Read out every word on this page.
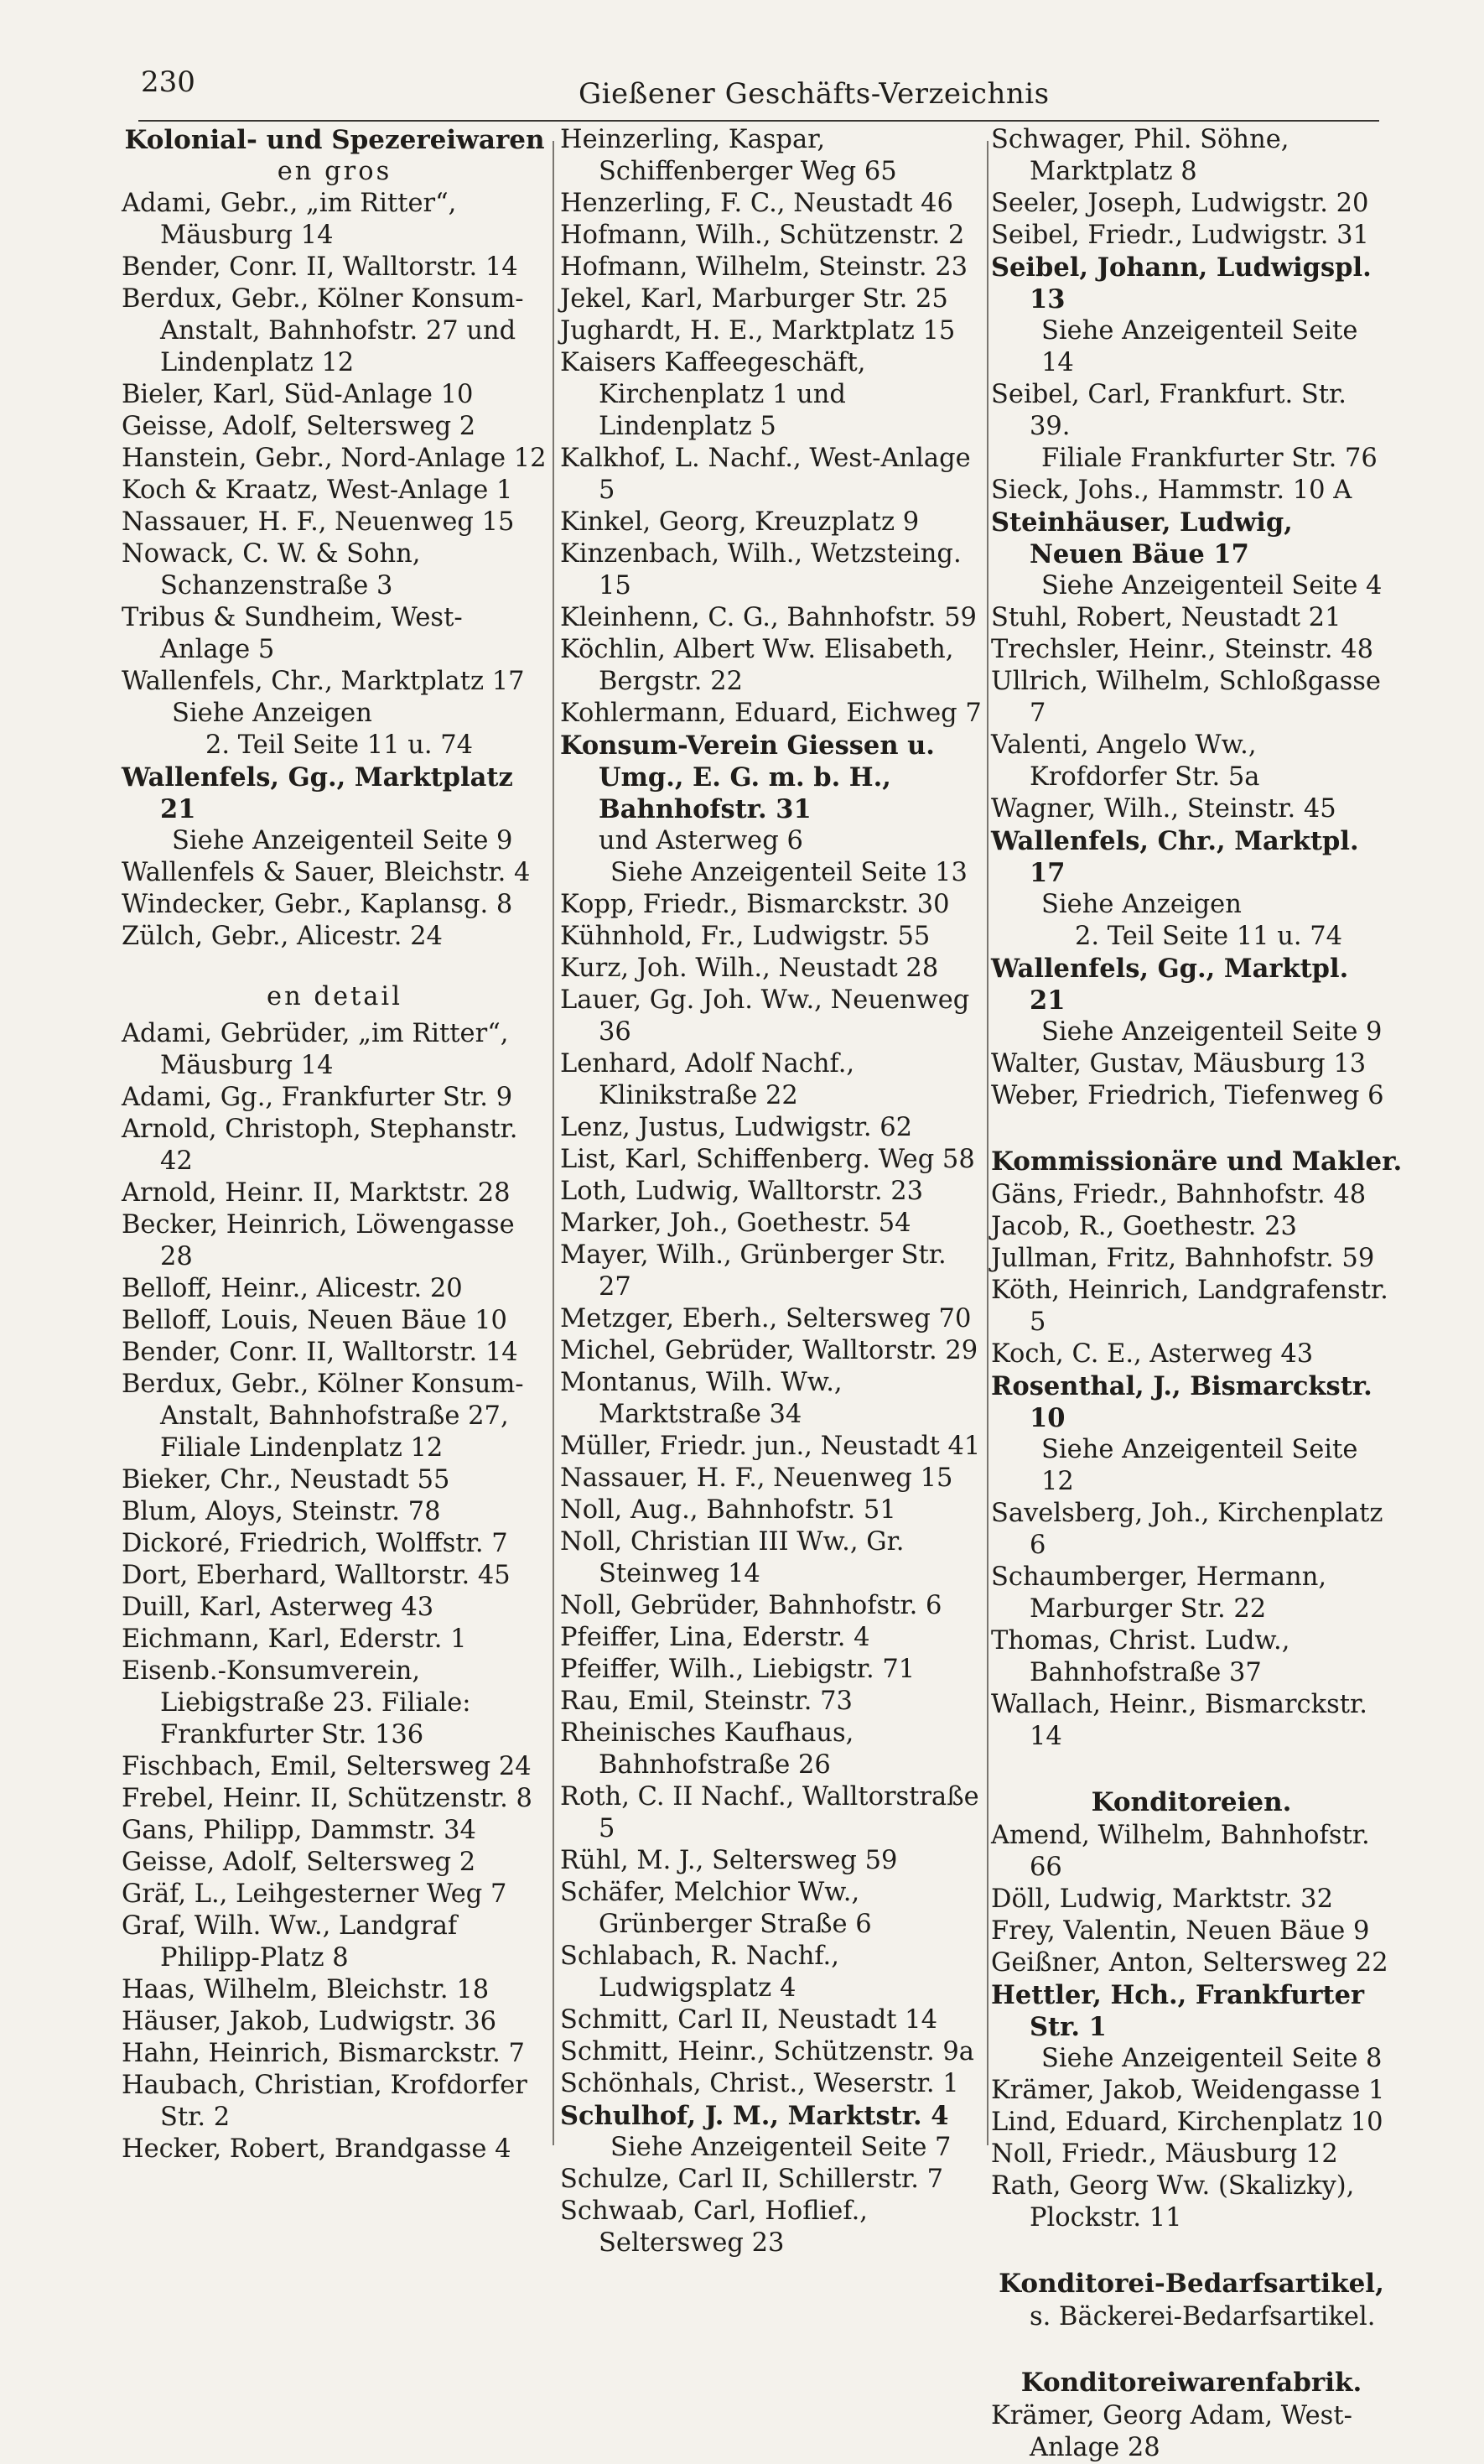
230	Gießener Geschäfts-Verzeichnis

Kolonial- und Spezereiwaren

en gros

Adami, Gebr., „im Ritter“, Mäusburg 14

Bender, Conr. II, Walltorstr. 14

Berdux, Gebr., Kölner Konsum-Anstalt, Bahnhofstr. 27 und Lindenplatz 12

Bieler, Karl, Süd-Anlage 10

Geisse, Adolf, Seltersweg 2

Hanstein, Gebr., Nord-Anlage 12

Koch & Kraatz, West-Anlage 1

Nassauer, H. F., Neuenweg 15

Nowack, C. W. & Sohn, Schanzenstraße 3

Tribus & Sundheim, West-Anlage 5

Wallenfels, Chr., Marktplatz 17

Siehe Anzeigen

2. Teil Seite 11 u. 74

Wallenfels, Gg., Marktplatz 21

Siehe Anzeigenteil Seite 9

Wallenfels & Sauer, Bleichstr. 4

Windecker, Gebr., Kaplansg. 8

Zülch, Gebr., Alicestr. 24

en detail

Adami, Gebrüder, „im Ritter“, Mäusburg 14

Adami, Gg., Frankfurter Str. 9

Arnold, Christoph, Stephanstr. 42

Arnold, Heinr. II, Marktstr. 28

Becker, Heinrich, Löwengasse 28

Belloff, Heinr., Alicestr. 20

Belloff, Louis, Neuen Bäue 10

Bender, Conr. II, Walltorstr. 14

Berdux, Gebr., Kölner Konsum-Anstalt, Bahnhofstraße 27, Filiale Lindenplatz 12

Bieker, Chr., Neustadt 55

Blum, Aloys, Steinstr. 78

Dickoré, Friedrich, Wolffstr. 7

Dort, Eberhard, Walltorstr. 45

Duill, Karl, Asterweg 43

Eichmann, Karl, Ederstr. 1

Eisenb.-Konsumverein, Liebigstraße 23. Filiale: Frankfurter Str. 136

Fischbach, Emil, Seltersweg 24

Frebel, Heinr. II, Schützenstr. 8

Gans, Philipp, Dammstr. 34

Geisse, Adolf, Seltersweg 2

Gräf, L., Leihgesterner Weg 7

Graf, Wilh. Ww., Landgraf Philipp-Platz 8

Haas, Wilhelm, Bleichstr. 18

Häuser, Jakob, Ludwigstr. 36

Hahn, Heinrich, Bismarckstr. 7

Haubach, Christian, Krofdorfer Str. 2

Hecker, Robert, Brandgasse 4

Heinzerling, Kaspar, Schiffenberger Weg 65

Henzerling, F. C., Neustadt 46

Hofmann, Wilh., Schützenstr. 2

Hofmann, Wilhelm, Steinstr. 23

Jekel, Karl, Marburger Str. 25

Jughardt, H. E., Marktplatz 15

Kaisers Kaffeegeschäft, Kirchenplatz 1 und Lindenplatz 5

Kalkhof, L. Nachf., West-Anlage 5

Kinkel, Georg, Kreuzplatz 9

Kinzenbach, Wilh., Wetzsteing. 15

Kleinhenn, C. G., Bahnhofstr. 59

Köchlin, Albert Ww. Elisabeth, Bergstr. 22

Kohlermann, Eduard, Eichweg 7

Konsum-Verein Giessen u. Umg., E. G. m. b. H., Bahnhofstr. 31

und Asterweg 6

Siehe Anzeigenteil Seite 13

Kopp, Friedr., Bismarckstr. 30

Kühnhold, Fr., Ludwigstr. 55

Kurz, Joh. Wilh., Neustadt 28

Lauer, Gg. Joh. Ww., Neuenweg 36

Lenhard, Adolf Nachf., Klinikstraße 22

Lenz, Justus, Ludwigstr. 62

List, Karl, Schiffenberg. Weg 58

Loth, Ludwig, Walltorstr. 23

Marker, Joh., Goethestr. 54

Mayer, Wilh., Grünberger Str. 27

Metzger, Eberh., Seltersweg 70

Michel, Gebrüder, Walltorstr. 29

Montanus, Wilh. Ww., Marktstraße 34

Müller, Friedr. jun., Neustadt 41

Nassauer, H. F., Neuenweg 15

Noll, Aug., Bahnhofstr. 51

Noll, Christian III Ww., Gr. Steinweg 14

Noll, Gebrüder, Bahnhofstr. 6

Pfeiffer, Lina, Ederstr. 4

Pfeiffer, Wilh., Liebigstr. 71

Rau, Emil, Steinstr. 73

Rheinisches Kaufhaus, Bahnhofstraße 26

Roth, C. II Nachf., Walltorstraße 5

Rühl, M. J., Seltersweg 59

Schäfer, Melchior Ww., Grünberger Straße 6

Schlabach, R. Nachf., Ludwigsplatz 4

Schmitt, Carl II, Neustadt 14

Schmitt, Heinr., Schützenstr. 9a

Schönhals, Christ., Weserstr. 1

Schulhof, J. M., Marktstr. 4

Siehe Anzeigenteil Seite 7

Schulze, Carl II, Schillerstr. 7

Schwaab, Carl, Hoflief., Seltersweg 23

Schwager, Phil. Söhne, Marktplatz 8

Seeler, Joseph, Ludwigstr. 20

Seibel, Friedr., Ludwigstr. 31

Seibel, Johann, Ludwigspl. 13

Siehe Anzeigenteil Seite 14

Seibel, Carl, Frankfurt. Str. 39.

Filiale Frankfurter Str. 76

Sieck, Johs., Hammstr. 10 A

Steinhäuser, Ludwig, Neuen Bäue 17

Siehe Anzeigenteil Seite 4

Stuhl, Robert, Neustadt 21

Trechsler, Heinr., Steinstr. 48

Ullrich, Wilhelm, Schloßgasse 7

Valenti, Angelo Ww., Krofdorfer Str. 5a

Wagner, Wilh., Steinstr. 45

Wallenfels, Chr., Marktpl. 17

Siehe Anzeigen

2. Teil Seite 11 u. 74

Wallenfels, Gg., Marktpl. 21

Siehe Anzeigenteil Seite 9

Walter, Gustav, Mäusburg 13

Weber, Friedrich, Tiefenweg 6

Kommissionäre und Makler.

Gäns, Friedr., Bahnhofstr. 48

Jacob, R., Goethestr. 23

Jullman, Fritz, Bahnhofstr. 59

Köth, Heinrich, Landgrafenstr. 5

Koch, C. E., Asterweg 43

Rosenthal, J., Bismarckstr. 10

Siehe Anzeigenteil Seite 12

Savelsberg, Joh., Kirchenplatz 6

Schaumberger, Hermann, Marburger Str. 22

Thomas, Christ. Ludw., Bahnhofstraße 37

Wallach, Heinr., Bismarckstr. 14

Konditoreien.

Amend, Wilhelm, Bahnhofstr. 66

Döll, Ludwig, Marktstr. 32

Frey, Valentin, Neuen Bäue 9

Geißner, Anton, Seltersweg 22

Hettler, Hch., Frankfurter Str. 1

Siehe Anzeigenteil Seite 8

Krämer, Jakob, Weidengasse 1

Lind, Eduard, Kirchenplatz 10

Noll, Friedr., Mäusburg 12

Rath, Georg Ww. (Skalizky), Plockstr. 11

Konditorei-Bedarfsartikel,

s. Bäckerei-Bedarfsartikel.

Konditoreiwarenfabrik.

Krämer, Georg Adam, West-Anlage 28
